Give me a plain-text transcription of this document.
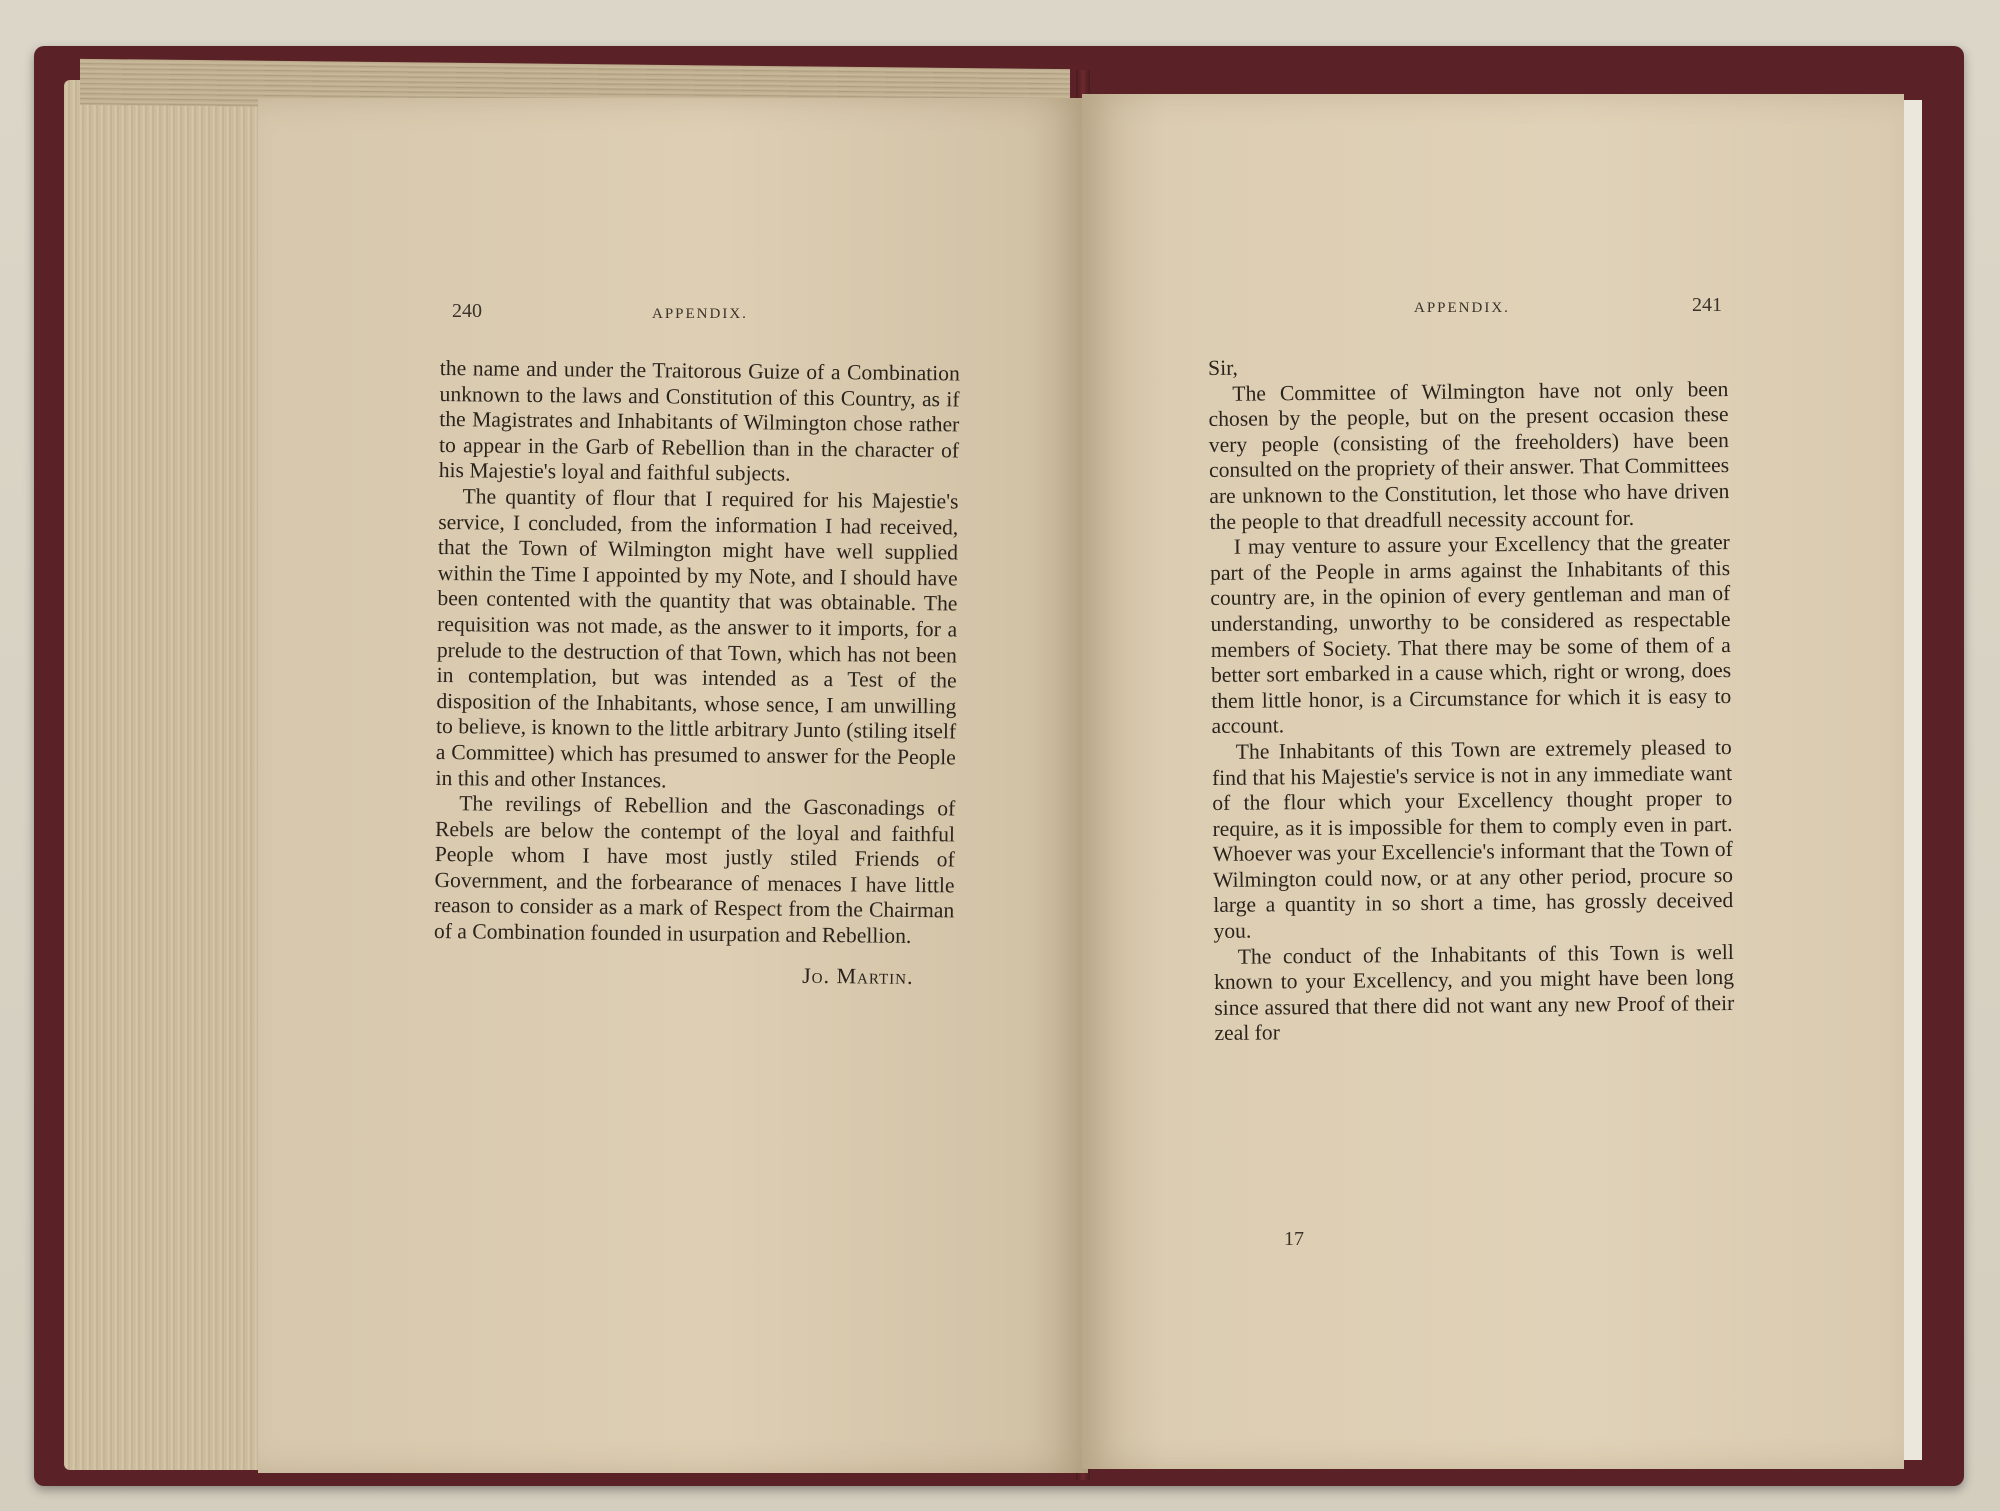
240	APPENDIX.	APPENDIX.	241

the name and under the Traitorous Guize of a Combination unknown to the laws and Constitution of this Country, as if the Magistrates and Inhabitants of Wilmington chose rather to appear in the Garb of Rebellion than in the character of his Majestie's loyal and faithful subjects.

The quantity of flour that I required for his Majestie's service, I concluded, from the information I had received, that the Town of Wilmington might have well supplied within the Time I appointed by my Note, and I should have been contented with the quantity that was obtainable. The requisition was not made, as the answer to it imports, for a prelude to the destruction of that Town, which has not been in contemplation, but was intended as a Test of the disposition of the Inhabitants, whose sence, I am unwilling to believe, is known to the little arbitrary Junto (stiling itself a Committee) which has presumed to answer for the People in this and other Instances.

The revilings of Rebellion and the Gasconadings of Rebels are below the contempt of the loyal and faithful People whom I have most justly stiled Friends of Government, and the forbearance of menaces I have little reason to consider as a mark of Respect from the Chairman of a Combination founded in usurpation and Rebellion.

Jo. Martin.

Sir,

The Committee of Wilmington have not only been chosen by the people, but on the present occasion these very people (consisting of the freeholders) have been consulted on the propriety of their answer. That Committees are unknown to the Constitution, let those who have driven the people to that dreadfull necessity account for.

I may venture to assure your Excellency that the greater part of the People in arms against the Inhabitants of this country are, in the opinion of every gentleman and man of understanding, unworthy to be considered as respectable members of Society. That there may be some of them of a better sort embarked in a cause which, right or wrong, does them little honor, is a Circumstance for which it is easy to account.

The Inhabitants of this Town are extremely pleased to find that his Majestie's service is not in any immediate want of the flour which your Excellency thought proper to require, as it is impossible for them to comply even in part. Whoever was your Excellencie's informant that the Town of Wilmington could now, or at any other period, procure so large a quantity in so short a time, has grossly deceived you.

The conduct of the Inhabitants of this Town is well known to your Excellency, and you might have been long since assured that there did not want any new Proof of their zeal for

17
